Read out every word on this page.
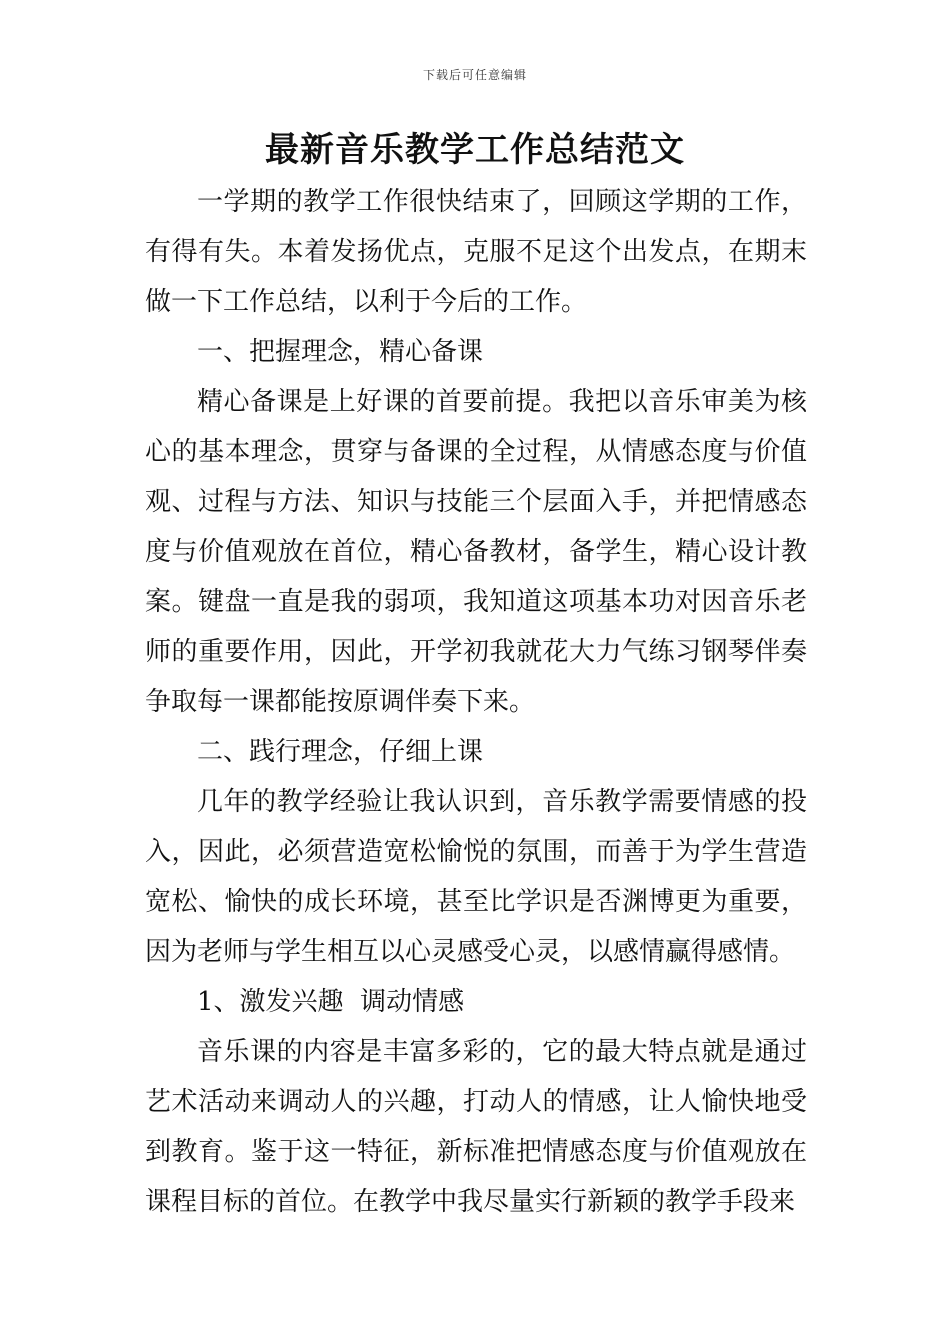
下载后可任意编辑
最新音乐教学工作总结范文

一学期的教学工作很快结束了，回顾这学期的工作，有得有失。本着发扬优点，克服不足这个出发点，在期末做一下工作总结，以利于今后的工作。

一、把握理念，精心备课

精心备课是上好课的首要前提。我把以音乐审美为核心的基本理念，贯穿与备课的全过程，从情感态度与价值观、过程与方法、知识与技能三个层面入手，并把情感态度与价值观放在首位，精心备教材，备学生，精心设计教案。键盘一直是我的弱项，我知道这项基本功对因音乐老师的重要作用，因此，开学初我就花大力气练习钢琴伴奏争取每一课都能按原调伴奏下来。

二、践行理念，仔细上课

几年的教学经验让我认识到，音乐教学需要情感的投入，因此，必须营造宽松愉悦的氛围，而善于为学生营造宽松、愉快的成长环境，甚至比学识是否渊博更为重要，因为老师与学生相互以心灵感受心灵，以感情赢得感情。

1、激发兴趣  调动情感

音乐课的内容是丰富多彩的，它的最大特点就是通过艺术活动来调动人的兴趣，打动人的情感，让人愉快地受到教育。鉴于这一特征，新标准把情感态度与价值观放在课程目标的首位。在教学中我尽量实行新颖的教学手段来
